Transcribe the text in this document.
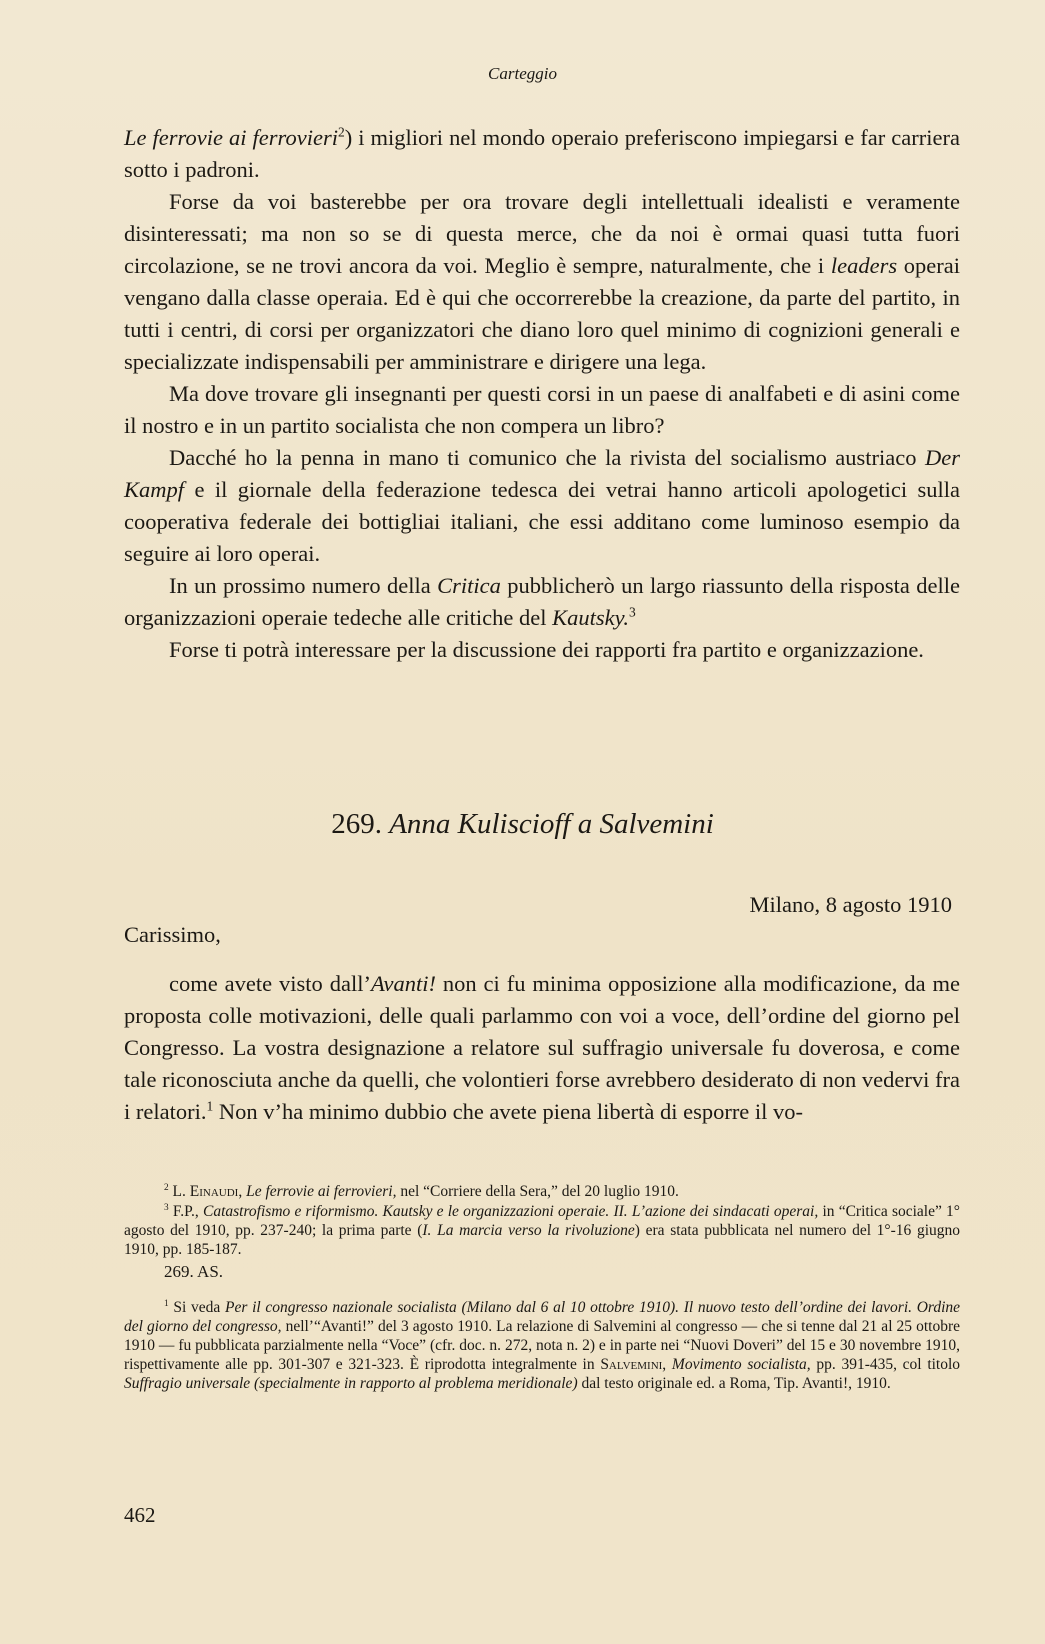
Carteggio

Le ferrovie ai ferrovieri$^2$) i migliori nel mondo operaio preferiscono impiegarsi e far carriera sotto i padroni.

Forse da voi basterebbe per ora trovare degli intellettuali idealisti e veramente disinteressati; ma non so se di questa merce, che da noi è ormai quasi tutta fuori circolazione, se ne trovi ancora da voi. Meglio è sempre, naturalmente, che i leaders operai vengano dalla classe operaia. Ed è qui che occorrerebbe la creazione, da parte del partito, in tutti i centri, di corsi per organizzatori che diano loro quel minimo di cognizioni generali e specializzate indispensabili per amministrare e dirigere una lega.

Ma dove trovare gli insegnanti per questi corsi in un paese di analfabeti e di asini come il nostro e in un partito socialista che non compera un libro?

Dacché ho la penna in mano ti comunico che la rivista del socialismo austriaco Der Kampf e il giornale della federazione tedesca dei vetrai hanno articoli apologetici sulla cooperativa federale dei bottigliai italiani, che essi additano come luminoso esempio da seguire ai loro operai.

In un prossimo numero della Critica pubblicherò un largo riassunto della risposta delle organizzazioni operaie tedeche alle critiche del Kautsky.$^3$

Forse ti potrà interessare per la discussione dei rapporti fra partito e organizzazione.

269. Anna Kuliscioff a Salvemini
Milano, 8 agosto 1910
Carissimo,

come avete visto dall’Avanti! non ci fu minima opposizione alla modificazione, da me proposta colle motivazioni, delle quali parlammo con voi a voce, dell’ordine del giorno pel Congresso. La vostra designazione a relatore sul suffragio universale fu doverosa, e come tale riconosciuta anche da quelli, che volontieri forse avrebbero desiderato di non vedervi fra i relatori.$^1$ Non v’ha minimo dubbio che avete piena libertà di esporre il vo-

$^2$ L. Einaudi, Le ferrovie ai ferrovieri, nel “Corriere della Sera,” del 20 luglio 1910.

$^3$ F.P., Catastrofismo e riformismo. Kautsky e le organizzazioni operaie. II. L’azione dei sindacati operai, in “Critica sociale” 1° agosto del 1910, pp. 237-240; la prima parte (I. La marcia verso la rivoluzione) era stata pubblicata nel numero del 1°-16 giugno 1910, pp. 185-187.

269. AS.

$^1$ Si veda Per il congresso nazionale socialista (Milano dal 6 al 10 ottobre 1910). Il nuovo testo dell’ordine dei lavori. Ordine del giorno del congresso, nell’“Avanti!” del 3 agosto 1910. La relazione di Salvemini al congresso — che si tenne dal 21 al 25 ottobre 1910 — fu pubblicata parzialmente nella “Voce” (cfr. doc. n. 272, nota n. 2) e in parte nei “Nuovi Doveri” del 15 e 30 novembre 1910, rispettivamente alle pp. 301-307 e 321-323. È riprodotta integralmente in Salvemini, Movimento socialista, pp. 391-435, col titolo Suffragio universale (specialmente in rapporto al problema meridionale) dal testo originale ed. a Roma, Tip. Avanti!, 1910.

462
